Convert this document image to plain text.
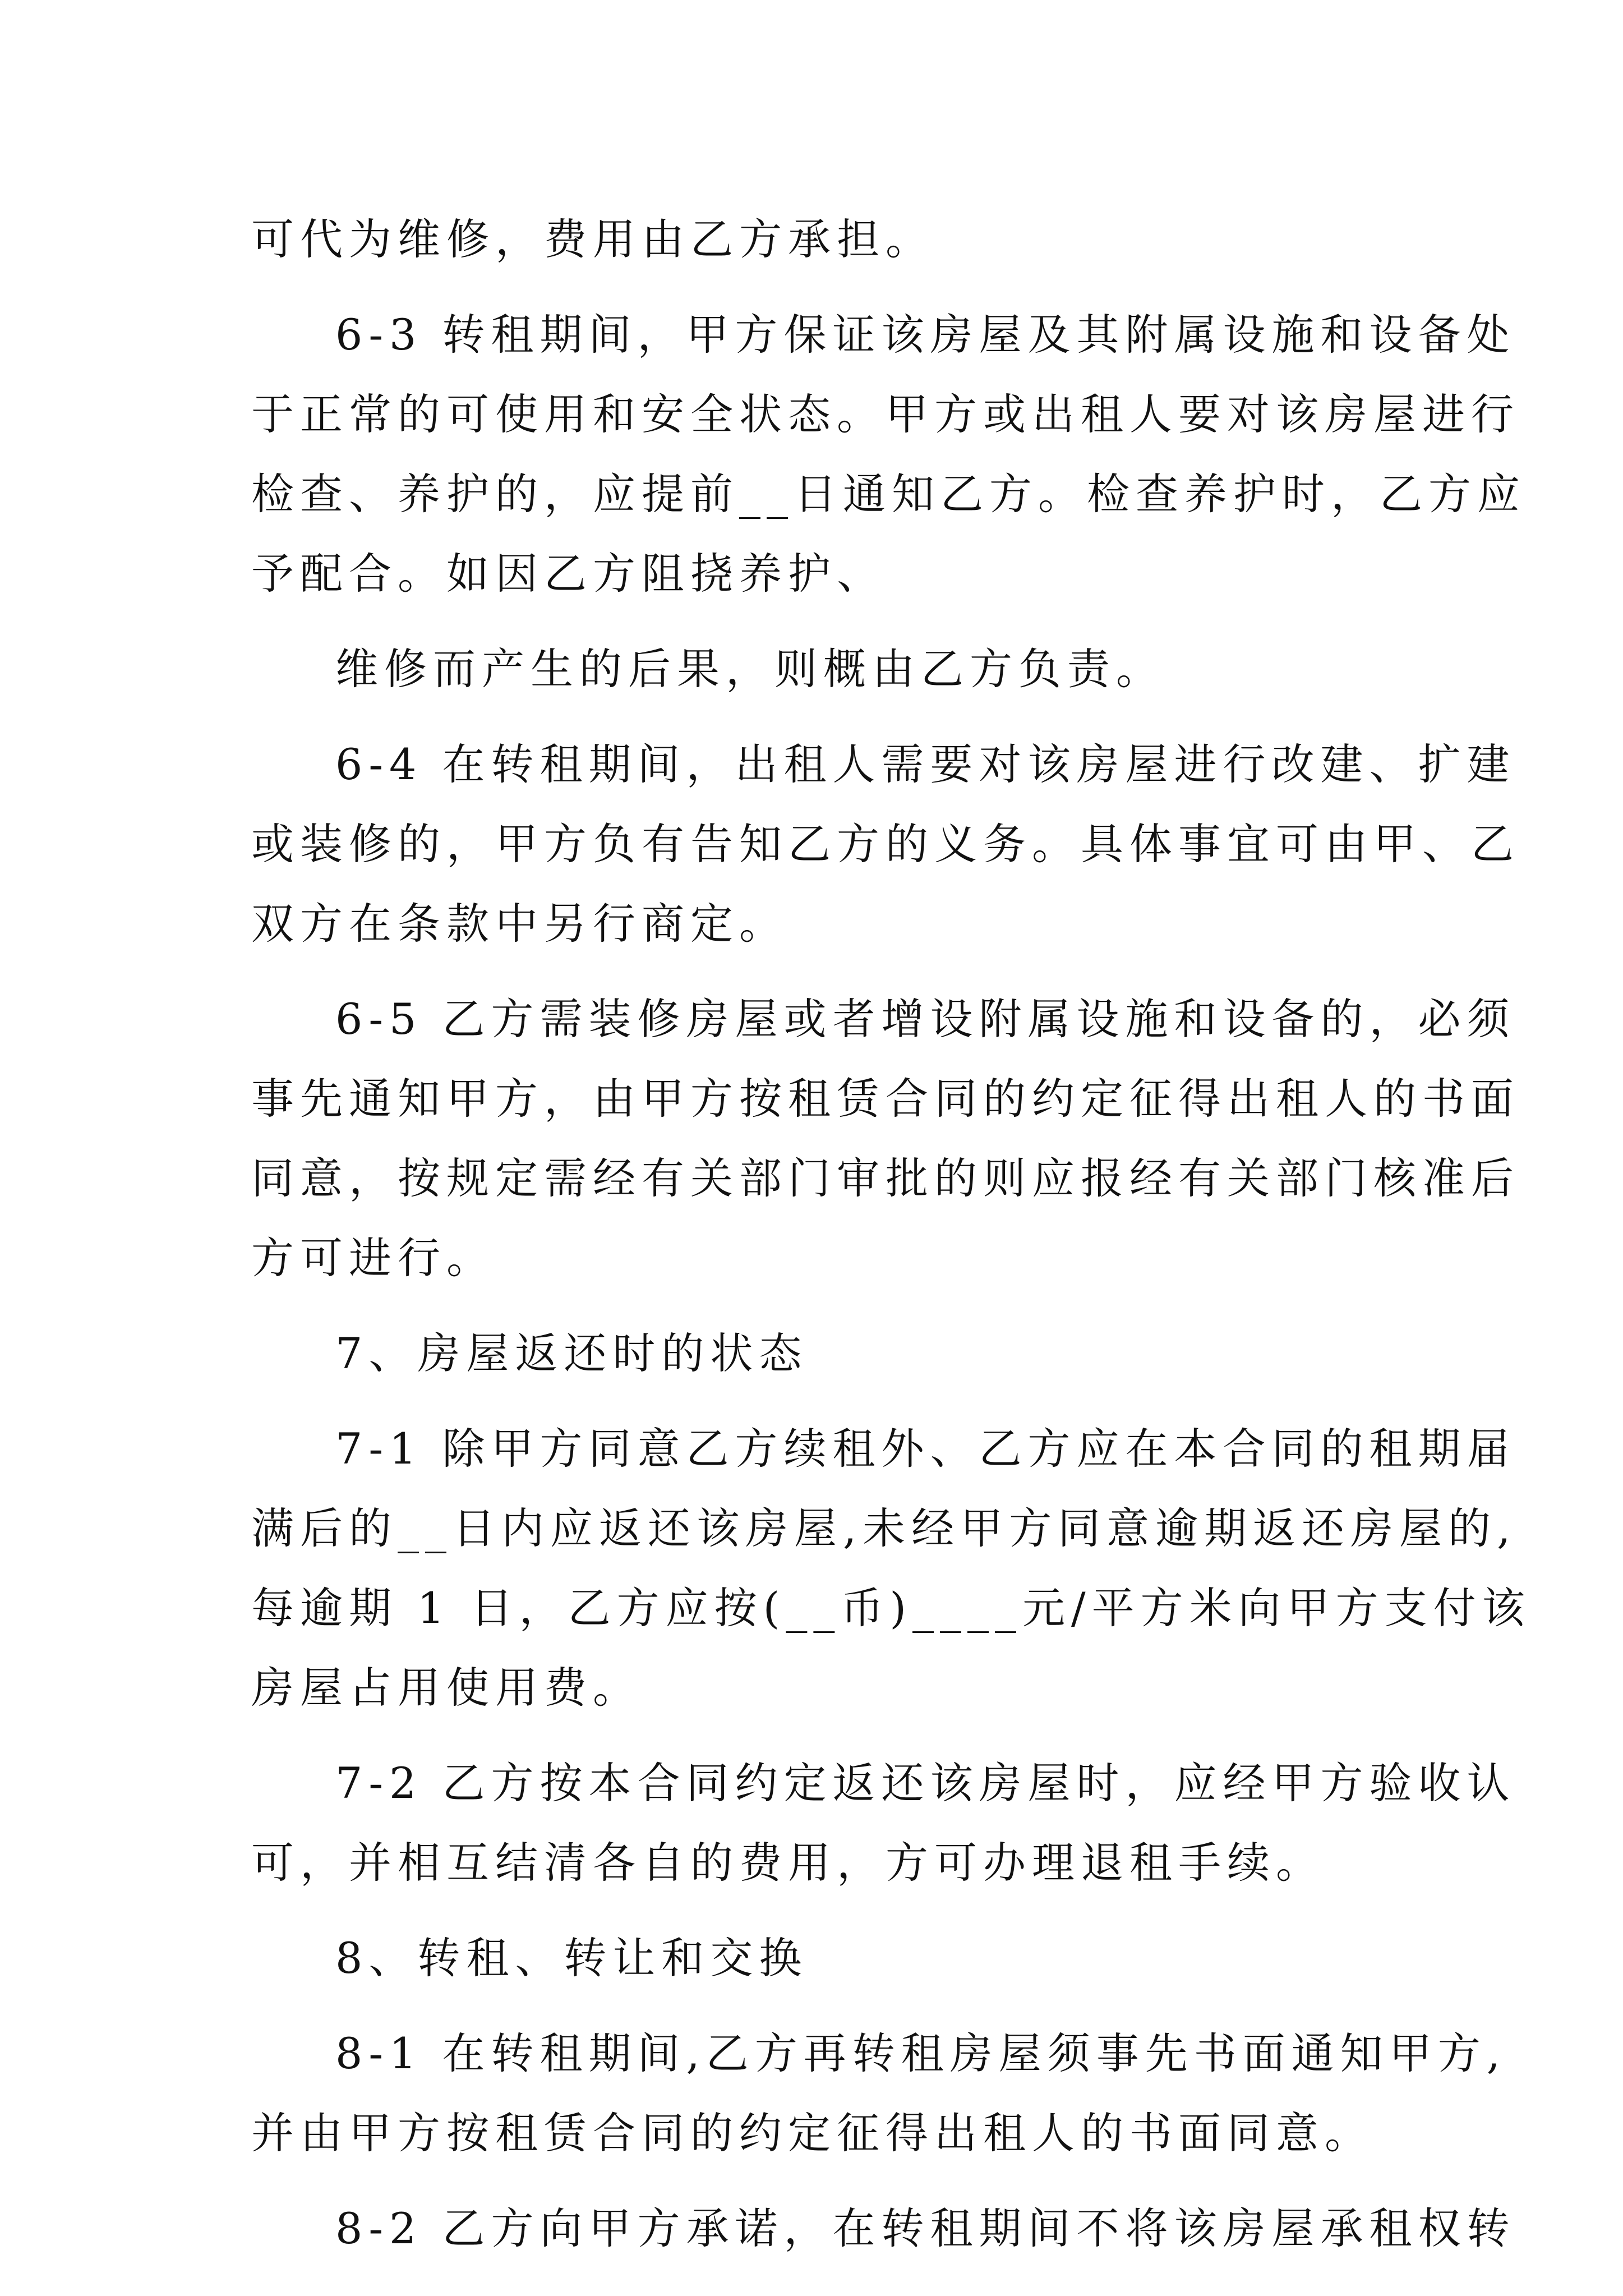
可代为维修，费用由乙方承担。
6-3 转租期间，甲方保证该房屋及其附属设施和设备处
于正常的可使用和安全状态。甲方或出租人要对该房屋进行
检查、养护的，应提前__日通知乙方。检查养护时，乙方应
予配合。如因乙方阻挠养护、
维修而产生的后果，则概由乙方负责。
6-4 在转租期间，出租人需要对该房屋进行改建、扩建
或装修的，甲方负有告知乙方的义务。具体事宜可由甲、乙
双方在条款中另行商定。
6-5 乙方需装修房屋或者增设附属设施和设备的，必须
事先通知甲方，由甲方按租赁合同的约定征得出租人的书面
同意，按规定需经有关部门审批的则应报经有关部门核准后
方可进行。
7、房屋返还时的状态
7-1 除甲方同意乙方续租外、乙方应在本合同的租期届
满后的__日内应返还该房屋,未经甲方同意逾期返还房屋的,
每逾期 1 日，乙方应按(__币)____元/平方米向甲方支付该
房屋占用使用费。
7-2 乙方按本合同约定返还该房屋时，应经甲方验收认
可，并相互结清各自的费用，方可办理退租手续。
8、转租、转让和交换
8-1 在转租期间,乙方再转租房屋须事先书面通知甲方,
并由甲方按租赁合同的约定征得出租人的书面同意。
8-2 乙方向甲方承诺，在转租期间不将该房屋承租权转
